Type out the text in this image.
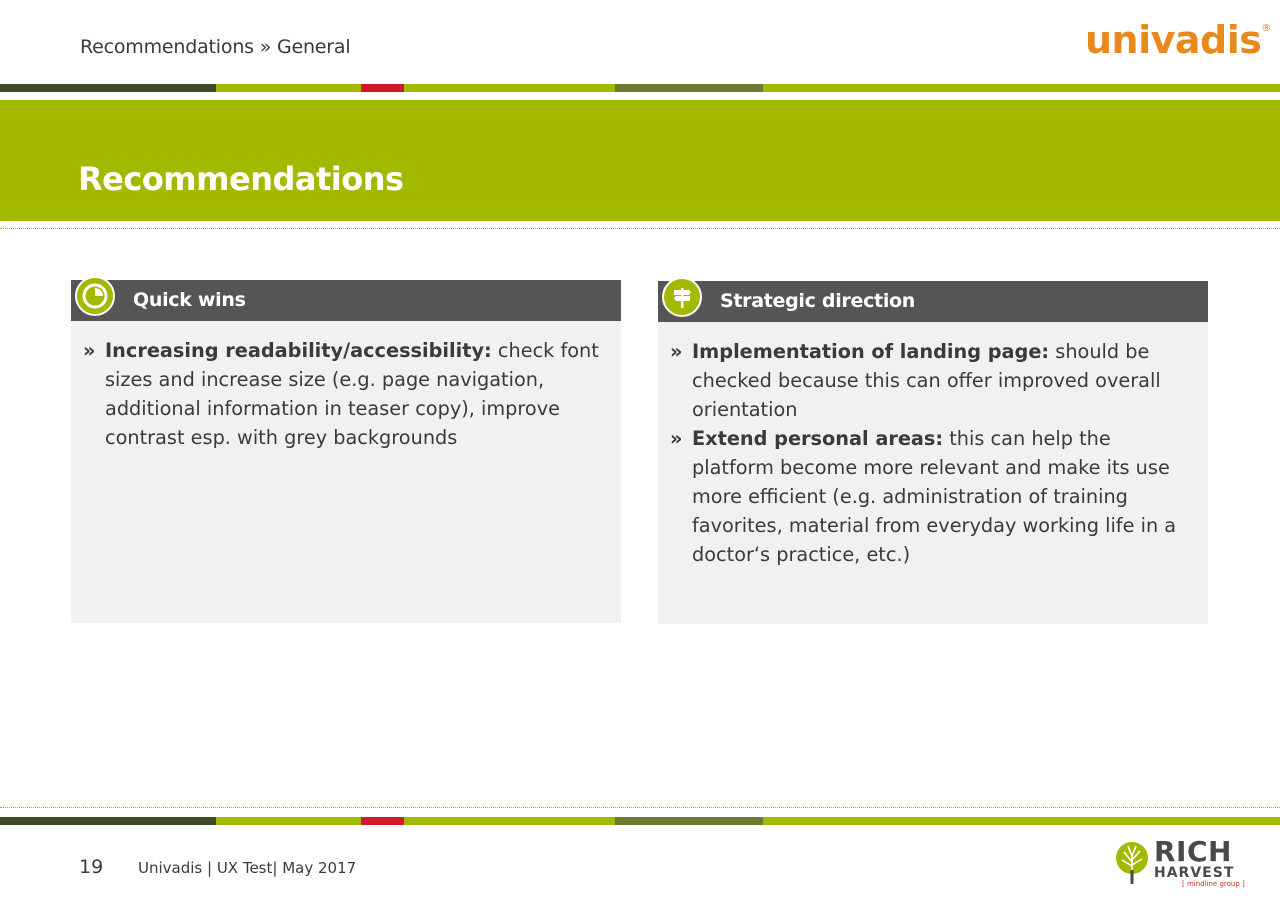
Recommendations » General	univadis®
Recommendations
Quick wins

» Increasing readability/accessibility: check font sizes and increase size (e.g. page navigation, additional information in teaser copy), improve contrast esp. with grey backgrounds

Strategic direction

» Implementation of landing page: should be checked because this can offer improved overall orientation

» Extend personal areas: this can help the platform become more relevant and make its use more efficient (e.g. administration of training favorites, material from everyday working life in a doctor‘s practice, etc.)

19 Univadis | UX Test| May 2017	RICH
HARVEST
[ mindline group ]
